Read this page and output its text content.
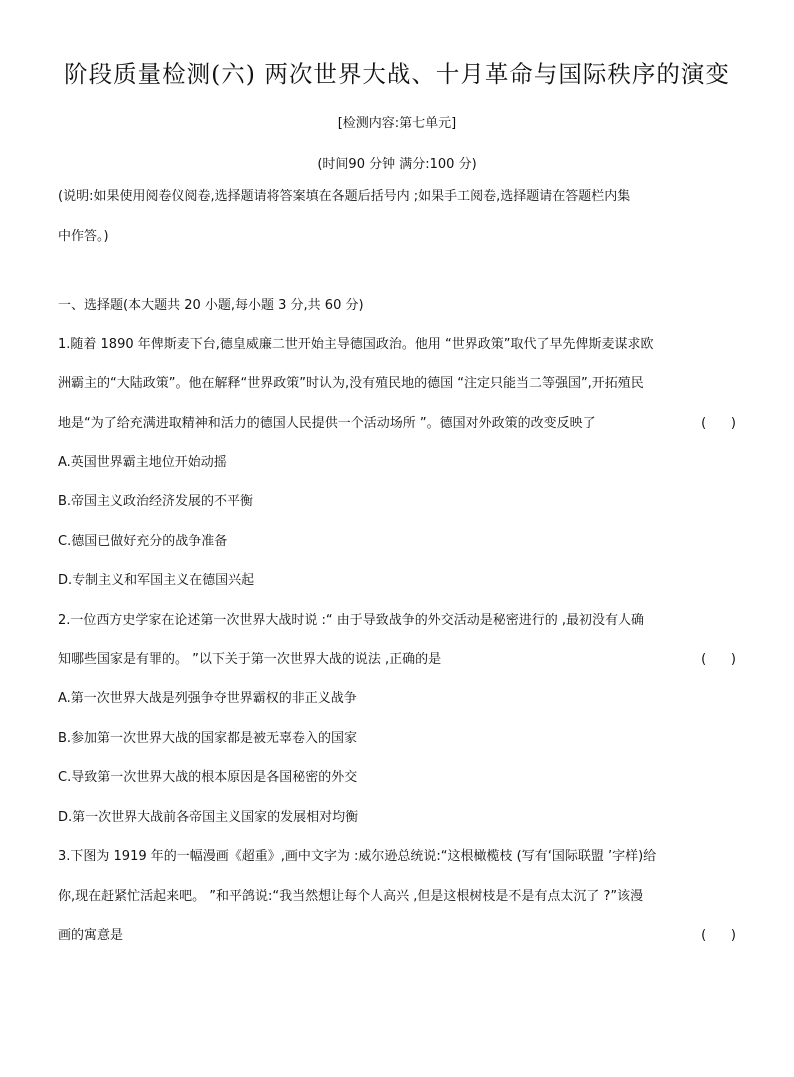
阶段质量检测(六) 两次世界大战、十月革命与国际秩序的演变
[检测内容:第七单元]
(时间90 分钟 满分:100 分)
(说明:如果使用阅卷仪阅卷,选择题请将答案填在各题后括号内 ;如果手工阅卷,选择题请在答题栏内集
中作答。)
一、选择题(本大题共 20 小题,每小题 3 分,共 60 分)
1.随着 1890 年俾斯麦下台,德皇威廉二世开始主导德国政治。他用 “世界政策”取代了早先俾斯麦谋求欧
洲霸主的“大陆政策”。他在解释“世界政策”时认为,没有殖民地的德国 “注定只能当二等强国”,开拓殖民
地是“为了给充满进取精神和活力的德国人民提供一个活动场所 ”。德国对外政策的改变反映了	(      )
A.英国世界霸主地位开始动摇
B.帝国主义政治经济发展的不平衡
C.德国已做好充分的战争准备
D.专制主义和军国主义在德国兴起
2.一位西方史学家在论述第一次世界大战时说 :“ 由于导致战争的外交活动是秘密进行的 ,最初没有人确
知哪些国家是有罪的。 ”以下关于第一次世界大战的说法 ,正确的是	(      )
A.第一次世界大战是列强争夺世界霸权的非正义战争
B.参加第一次世界大战的国家都是被无辜卷入的国家
C.导致第一次世界大战的根本原因是各国秘密的外交
D.第一次世界大战前各帝国主义国家的发展相对均衡
3.下图为 1919 年的一幅漫画《超重》,画中文字为 :威尔逊总统说:“这根橄榄枝 (写有‘国际联盟 ’字样)给
你,现在赶紧忙活起来吧。 ”和平鸽说:“我当然想让每个人高兴 ,但是这根树枝是不是有点太沉了 ?”该漫
画的寓意是	(      )
